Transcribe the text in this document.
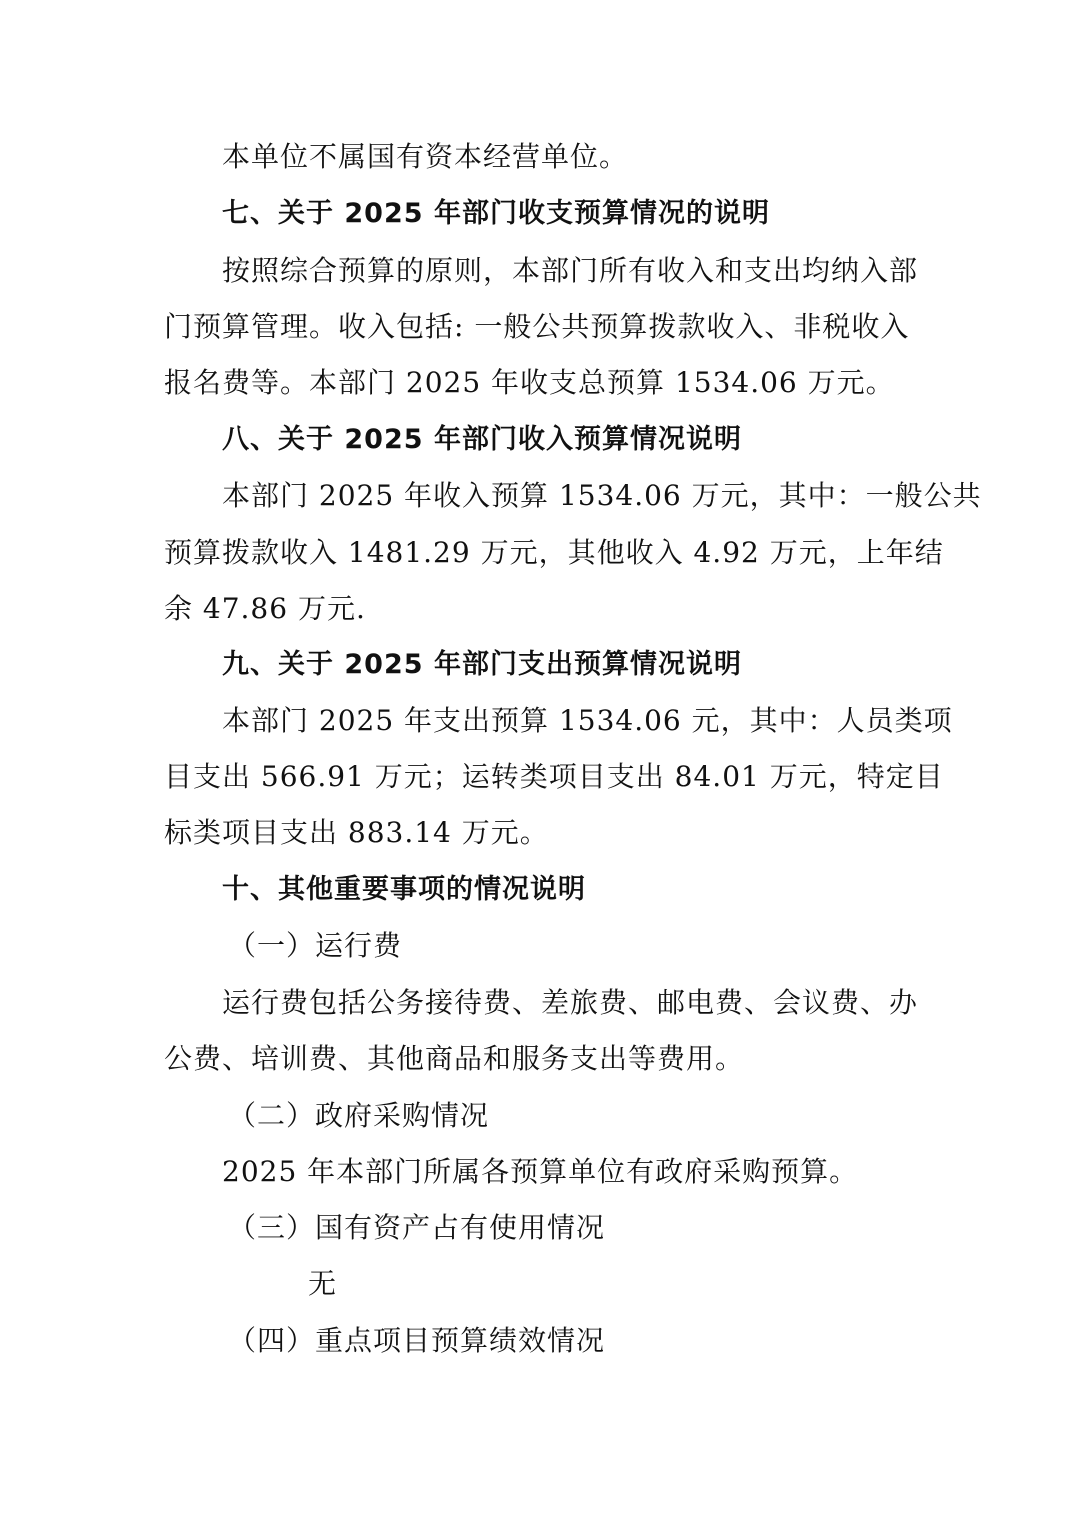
本单位不属国有资本经营单位。
七、关于 2025 年部门收支预算情况的说明
按照综合预算的原则，本部门所有收入和支出均纳入部
门预算管理。收入包括: 一般公共预算拨款收入、非税收入
报名费等。本部门 2025 年收支总预算 1534.06 万元。
八、关于 2025 年部门收入预算情况说明
本部门 2025 年收入预算 1534.06 万元，其中：一般公共
预算拨款收入 1481.29 万元，其他收入 4.92 万元，上年结
余 47.86 万元.
九、关于 2025 年部门支出预算情况说明
本部门 2025 年支出预算 1534.06 元，其中：人员类项
目支出 566.91 万元；运转类项目支出 84.01 万元，特定目
标类项目支出 883.14 万元。
十、其他重要事项的情况说明
（一）运行费
运行费包括公务接待费、差旅费、邮电费、会议费、办
公费、培训费、其他商品和服务支出等费用。
（二）政府采购情况
2025 年本部门所属各预算单位有政府采购预算。
（三）国有资产占有使用情况
无
（四）重点项目预算绩效情况
